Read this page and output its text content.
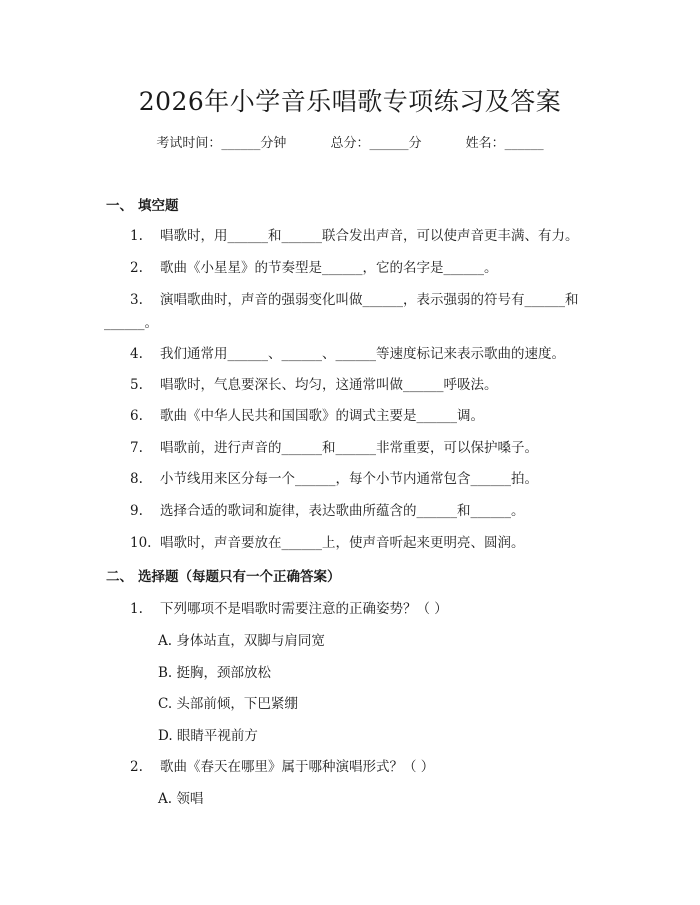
2026年小学音乐唱歌专项练习及答案
考试时间：______分钟	总分：______分	姓名：______
一、 填空题
1. 唱歌时，用______和______联合发出声音，可以使声音更丰满、有力。
2. 歌曲《小星星》的节奏型是______，它的名字是______。
3. 演唱歌曲时，声音的强弱变化叫做______，表示强弱的符号有______和
______。
4. 我们通常用______、______、______等速度标记来表示歌曲的速度。
5. 唱歌时，气息要深长、均匀，这通常叫做______呼吸法。
6. 歌曲《中华人民共和国国歌》的调式主要是______调。
7. 唱歌前，进行声音的______和______非常重要，可以保护嗓子。
8. 小节线用来区分每一个______，每个小节内通常包含______拍。
9. 选择合适的歌词和旋律，表达歌曲所蕴含的______和______。
10. 唱歌时，声音要放在______上，使声音听起来更明亮、圆润。
二、 选择题（每题只有一个正确答案）
1. 下列哪项不是唱歌时需要注意的正确姿势？（ ）
A. 身体站直，双脚与肩同宽
B. 挺胸，颈部放松
C. 头部前倾，下巴紧绷
D. 眼睛平视前方
2. 歌曲《春天在哪里》属于哪种演唱形式？（ ）
A. 领唱
